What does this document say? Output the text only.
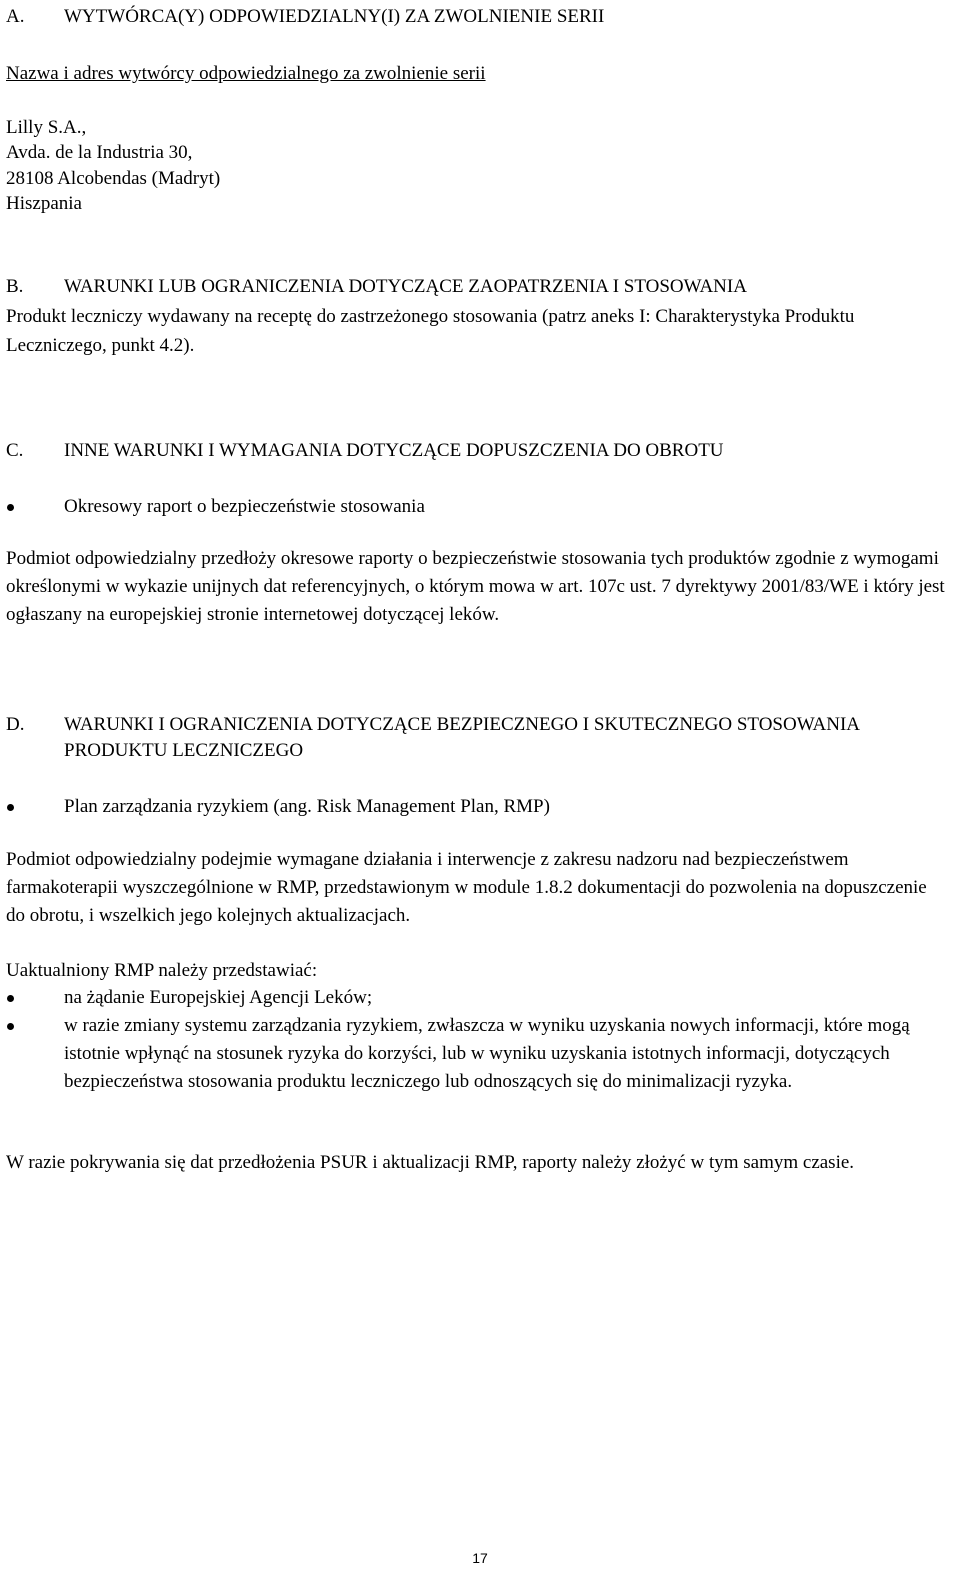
A. WYTWÓRCA(Y) ODPOWIEDZIALNY(I) ZA ZWOLNIENIE SERII
Nazwa i adres wytwórcy odpowiedzialnego za zwolnienie serii
Lilly S.A.,
Avda. de la Industria 30,
28108 Alcobendas (Madryt)
Hiszpania
B. WARUNKI LUB OGRANICZENIA DOTYCZĄCE ZAOPATRZENIA I STOSOWANIA
Produkt leczniczy wydawany na receptę do zastrzeżonego stosowania (patrz aneks I: Charakterystyka Produktu Leczniczego, punkt 4.2).
C. INNE WARUNKI I WYMAGANIA DOTYCZĄCE DOPUSZCZENIA DO OBROTU
Okresowy raport o bezpieczeństwie stosowania
Podmiot odpowiedzialny przedłoży okresowe raporty o bezpieczeństwie stosowania tych produktów zgodnie z wymogami określonymi w wykazie unijnych dat referencyjnych, o którym mowa w art. 107c ust. 7 dyrektywy 2001/83/WE i który jest ogłaszany na europejskiej stronie internetowej dotyczącej leków.
D. WARUNKI I OGRANICZENIA DOTYCZĄCE BEZPIECZNEGO I SKUTECZNEGO STOSOWANIA PRODUKTU LECZNICZEGO
Plan zarządzania ryzykiem (ang. Risk Management Plan, RMP)
Podmiot odpowiedzialny podejmie wymagane działania i interwencje z zakresu nadzoru nad bezpieczeństwem farmakoterapii wyszczególnione w RMP, przedstawionym w module 1.8.2 dokumentacji do pozwolenia na dopuszczenie do obrotu, i wszelkich jego kolejnych aktualizacjach.
Uaktualniony RMP należy przedstawiać:
na żądanie Europejskiej Agencji Leków;
w razie zmiany systemu zarządzania ryzykiem, zwłaszcza w wyniku uzyskania nowych informacji, które mogą istotnie wpłynąć na stosunek ryzyka do korzyści, lub w wyniku uzyskania istotnych informacji, dotyczących bezpieczeństwa stosowania produktu leczniczego lub odnoszących się do minimalizacji ryzyka.
W razie pokrywania się dat przedłożenia PSUR i aktualizacji RMP, raporty należy złożyć w tym samym czasie.
17
